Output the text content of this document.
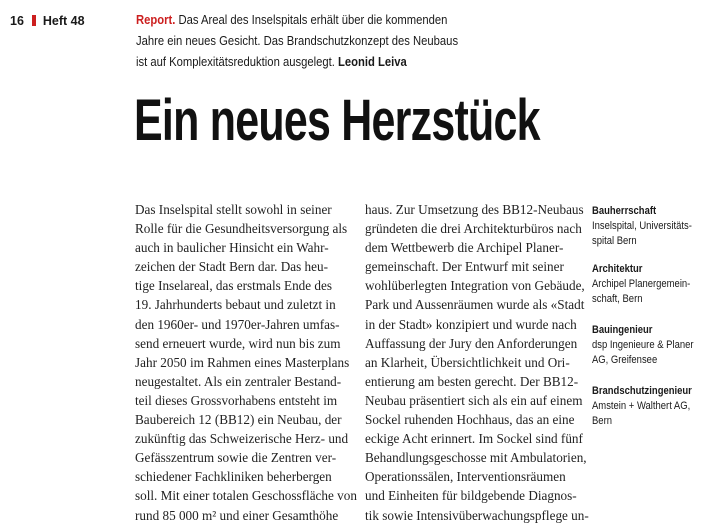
16 Heft 48	Report. Das Areal des Inselspitals erhält über die kommenden Jahre ein neues Gesicht. Das Brandschutzkonzept des Neubaus ist auf Komplexitätsreduktion ausgelegt. Leonid Leiva
Ein neues Herzstück
Das Inselspital stellt sowohl in seiner
Rolle für die Gesundheitsversorgung als
auch in baulicher Hinsicht ein Wahr-
zeichen der Stadt Bern dar. Das heu-
tige Inselareal, das erstmals Ende des
19. Jahrhunderts bebaut und zuletzt in
den 1960er- und 1970er-Jahren umfas-
send erneuert wurde, wird nun bis zum
Jahr 2050 im Rahmen eines Masterplans
neugestaltet. Als ein zentraler Bestand-
teil dieses Grossvorhabens entsteht im
Baubereich 12 (BB12) ein Neubau, der
zukünftig das Schweizerische Herz- und
Gefässzentrum sowie die Zentren ver-
schiedener Fachkliniken beherbergen
soll. Mit einer totalen Geschossfläche von
rund 85 000 m² und einer Gesamthöhe
haus. Zur Umsetzung des BB12-Neubaus
gründeten die drei Architekturbüros nach
dem Wettbewerb die Archipel Planer-
gemeinschaft. Der Entwurf mit seiner
wohlüberlegten Integration von Gebäude,
Park und Aussenräumen wurde als «Stadt
in der Stadt» konzipiert und wurde nach
Auffassung der Jury den Anforderungen
an Klarheit, Übersichtlichkeit und Ori-
entierung am besten gerecht. Der BB12-
Neubau präsentiert sich als ein auf einem
Sockel ruhenden Hochhaus, das an eine
eckige Acht erinnert. Im Sockel sind fünf
Behandlungsgeschosse mit Ambulatorien,
Operationssälen, Interventionsräumen
und Einheiten für bildgebende Diagnos-
tik sowie Intensivüberwachungspflege un-
Bauherrschaft
Inselspital, Universitäts-
spital Bern
Architektur
Archipel Planergemein-
schaft, Bern
Bauingenieur
dsp Ingenieure & Planer
AG, Greifensee
Brandschutzingenieur
Amstein + Walthert AG,
Bern
